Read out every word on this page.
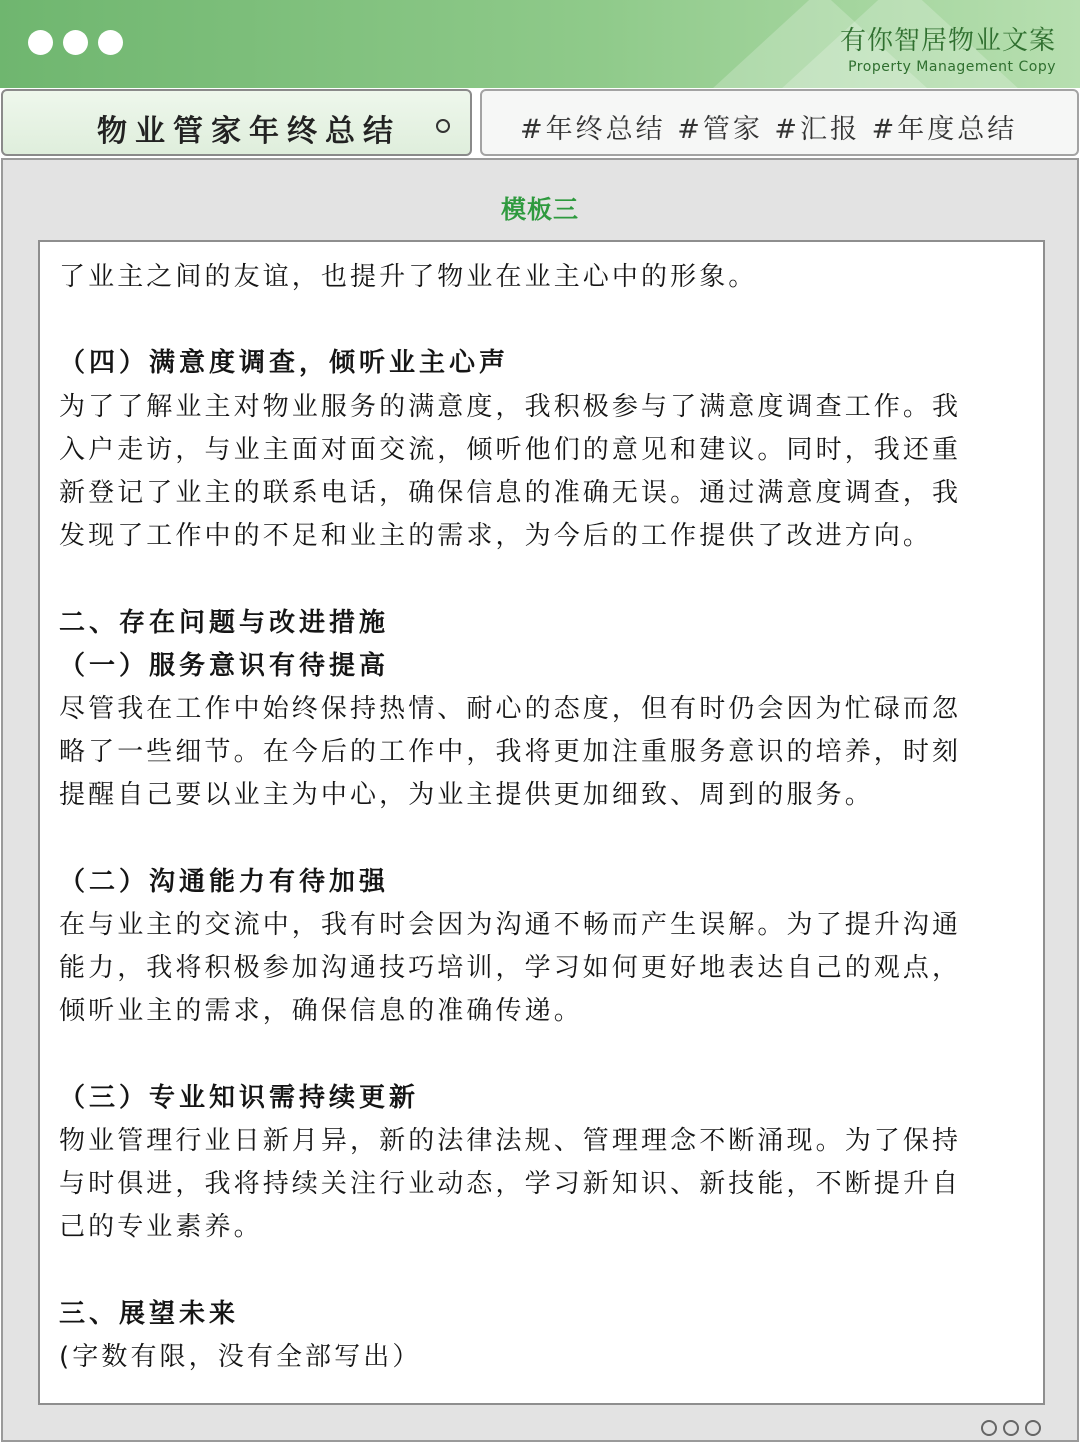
有你智居物业文案
Property Management Copy
物业管家年终总结	#年终总结 #管家 #汇报 #年度总结
模板三

了业主之间的友谊，也提升了物业在业主心中的形象。

（四）满意度调查，倾听业主心声

为了了解业主对物业服务的满意度，我积极参与了满意度调查工作。我

入户走访，与业主面对面交流，倾听他们的意见和建议。同时，我还重

新登记了业主的联系电话，确保信息的准确无误。通过满意度调查，我

发现了工作中的不足和业主的需求，为今后的工作提供了改进方向。

二、存在问题与改进措施

（一）服务意识有待提高

尽管我在工作中始终保持热情、耐心的态度，但有时仍会因为忙碌而忽

略了一些细节。在今后的工作中，我将更加注重服务意识的培养，时刻

提醒自己要以业主为中心，为业主提供更加细致、周到的服务。

（二）沟通能力有待加强

在与业主的交流中，我有时会因为沟通不畅而产生误解。为了提升沟通

能力，我将积极参加沟通技巧培训，学习如何更好地表达自己的观点，

倾听业主的需求，确保信息的准确传递。

（三）专业知识需持续更新

物业管理行业日新月异，新的法律法规、管理理念不断涌现。为了保持

与时俱进，我将持续关注行业动态，学习新知识、新技能，不断提升自

己的专业素养。

三、展望未来

(字数有限，没有全部写出）
